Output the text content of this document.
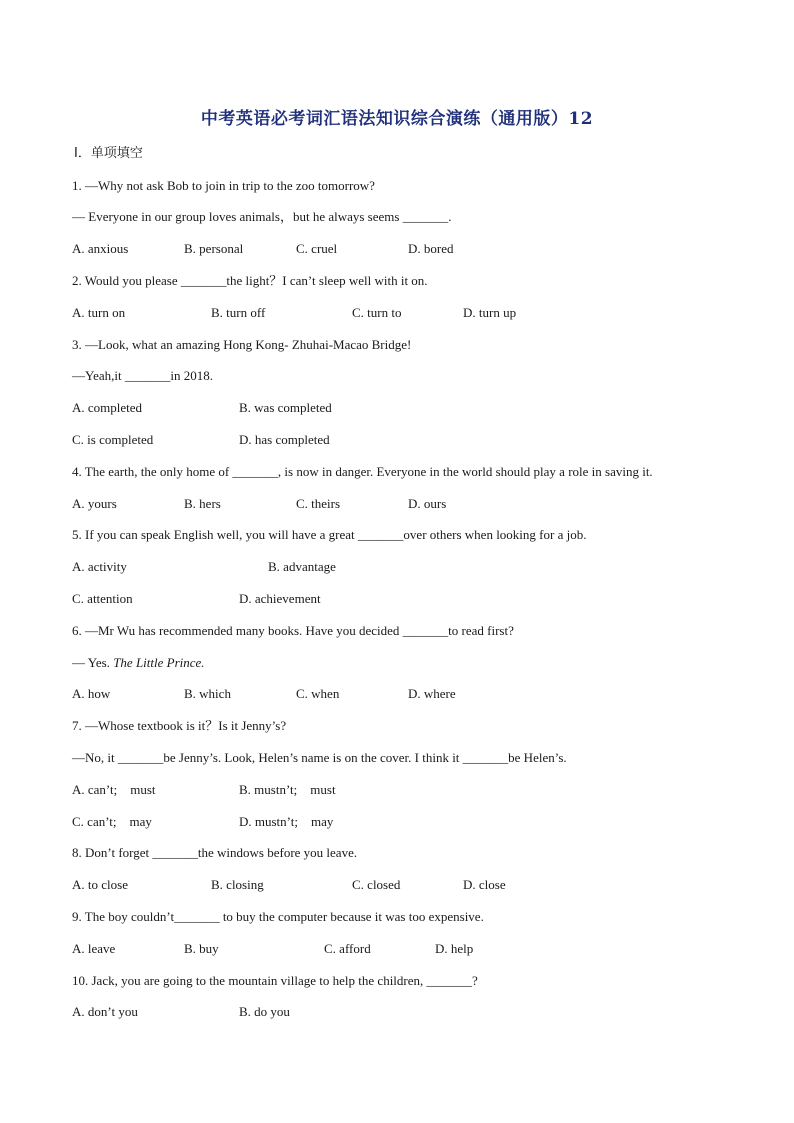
中考英语必考词汇语法知识综合演练（通用版）12
Ⅰ．单项填空
1. —Why not ask Bob to join in trip to the zoo tomorrow?
— Everyone in our group loves animals，but he always seems _______.
A. anxious	B. personal	C. cruel	D. bored
2. Would you please _______the light？I can’t sleep well with it on.
A. turn on	B. turn off	C. turn to	D. turn up
3. —Look, what an amazing Hong Kong- Zhuhai-Macao Bridge!
—Yeah,it _______in 2018.
A. completed	B. was completed
C. is completed	D. has completed
4. The earth, the only home of _______, is now in danger. Everyone in the world should play a role in saving it.
A. yours	B. hers	C. theirs	D. ours
5. If you can speak English well, you will have a great _______over others when looking for a job.
A. activity	B. advantage
C. attention	D. achievement
6. —Mr Wu has recommended many books. Have you decided _______to read first?
— Yes. The Little Prince.
A. how	B. which	C. when	D. where
7. —Whose textbook is it？Is it Jenny’s?
—No, it _______be Jenny’s. Look, Helen’s name is on the cover. I think it _______be Helen’s.
A. can’t;　must	B. mustn’t;　must
C. can’t;　may	D. mustn’t;　may
8. Don’t forget _______the windows before you leave.
A. to close	B. closing	C. closed	D. close
9. The boy couldn’t_______ to buy the computer because it was too expensive.
A. leave	B. buy	C. afford	D. help
10. Jack, you are going to the mountain village to help the children, _______?
A. don’t you	B. do you
